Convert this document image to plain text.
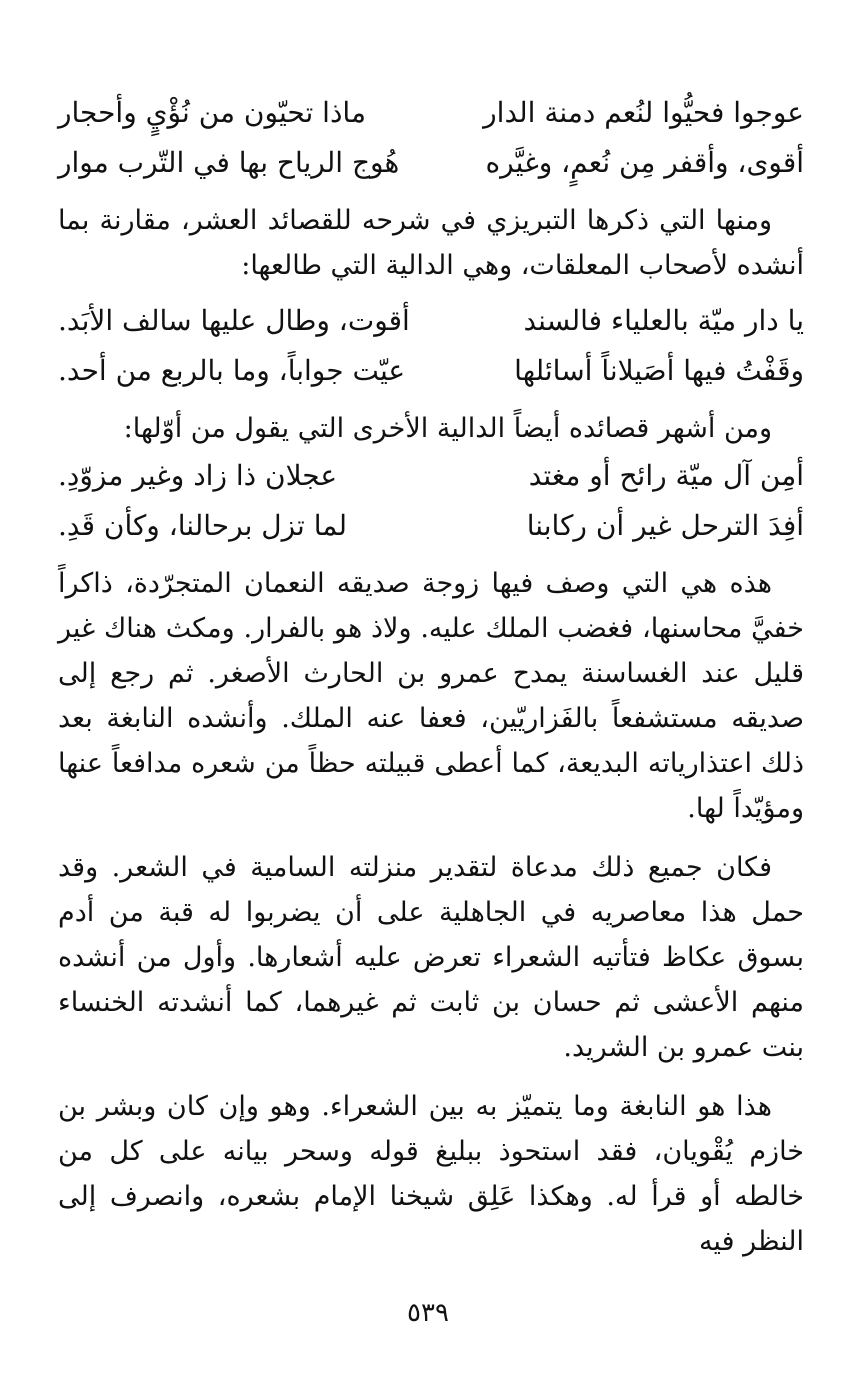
عوجوا فحيُّوا لنُعم دمنة الدار
ماذا تحيّون من نُؤْيٍ وأحجار
أقوى، وأقفر مِن نُعمٍ، وغيَّره
هُوج الرياح بها في التّرب موار

ومنها التي ذكرها التبريزي في شرحه للقصائد العشر، مقارنة بما أنشده لأصحاب المعلقات، وهي الدالية التي طالعها:

يا دار ميّة بالعلياء فالسند
أقوت، وطال عليها سالف الأبَد.
وقَفْتُ فيها أصَيلاناً أسائلها
عيّت جواباً، وما بالربع من أحد.

ومن أشهر قصائده أيضاً الدالية الأخرى التي يقول من أوّلها:

أمِن آل ميّة رائح أو مغتد
عجلان ذا زاد وغير مزوّدِ.
أفِدَ الترحل غير أن ركابنا
لما تزل برحالنا، وكأن قَدِ.

هذه هي التي وصف فيها زوجة صديقه النعمان المتجرّدة، ذاكراً خفيَّ محاسنها، فغضب الملك عليه. ولاذ هو بالفرار. ومكث هناك غير قليل عند الغساسنة يمدح عمرو بن الحارث الأصغر. ثم رجع إلى صديقه مستشفعاً بالفَزاريّين، فعفا عنه الملك. وأنشده النابغة بعد ذلك اعتذارياته البديعة، كما أعطى قبيلته حظاً من شعره مدافعاً عنها ومؤيّداً لها.

فكان جميع ذلك مدعاة لتقدير منزلته السامية في الشعر. وقد حمل هذا معاصريه في الجاهلية على أن يضربوا له قبة من أدم بسوق عكاظ فتأتيه الشعراء تعرض عليه أشعارها. وأول من أنشده منهم الأعشى ثم حسان بن ثابت ثم غيرهما، كما أنشدته الخنساء بنت عمرو بن الشريد.

هذا هو النابغة وما يتميّز به بين الشعراء. وهو وإن كان وبشر بن خازم يُقْويان، فقد استحوذ ببليغ قوله وسحر بيانه على كل من خالطه أو قرأ له. وهكذا عَلِق شيخنا الإمام بشعره، وانصرف إلى النظر فيه

٥٣٩
